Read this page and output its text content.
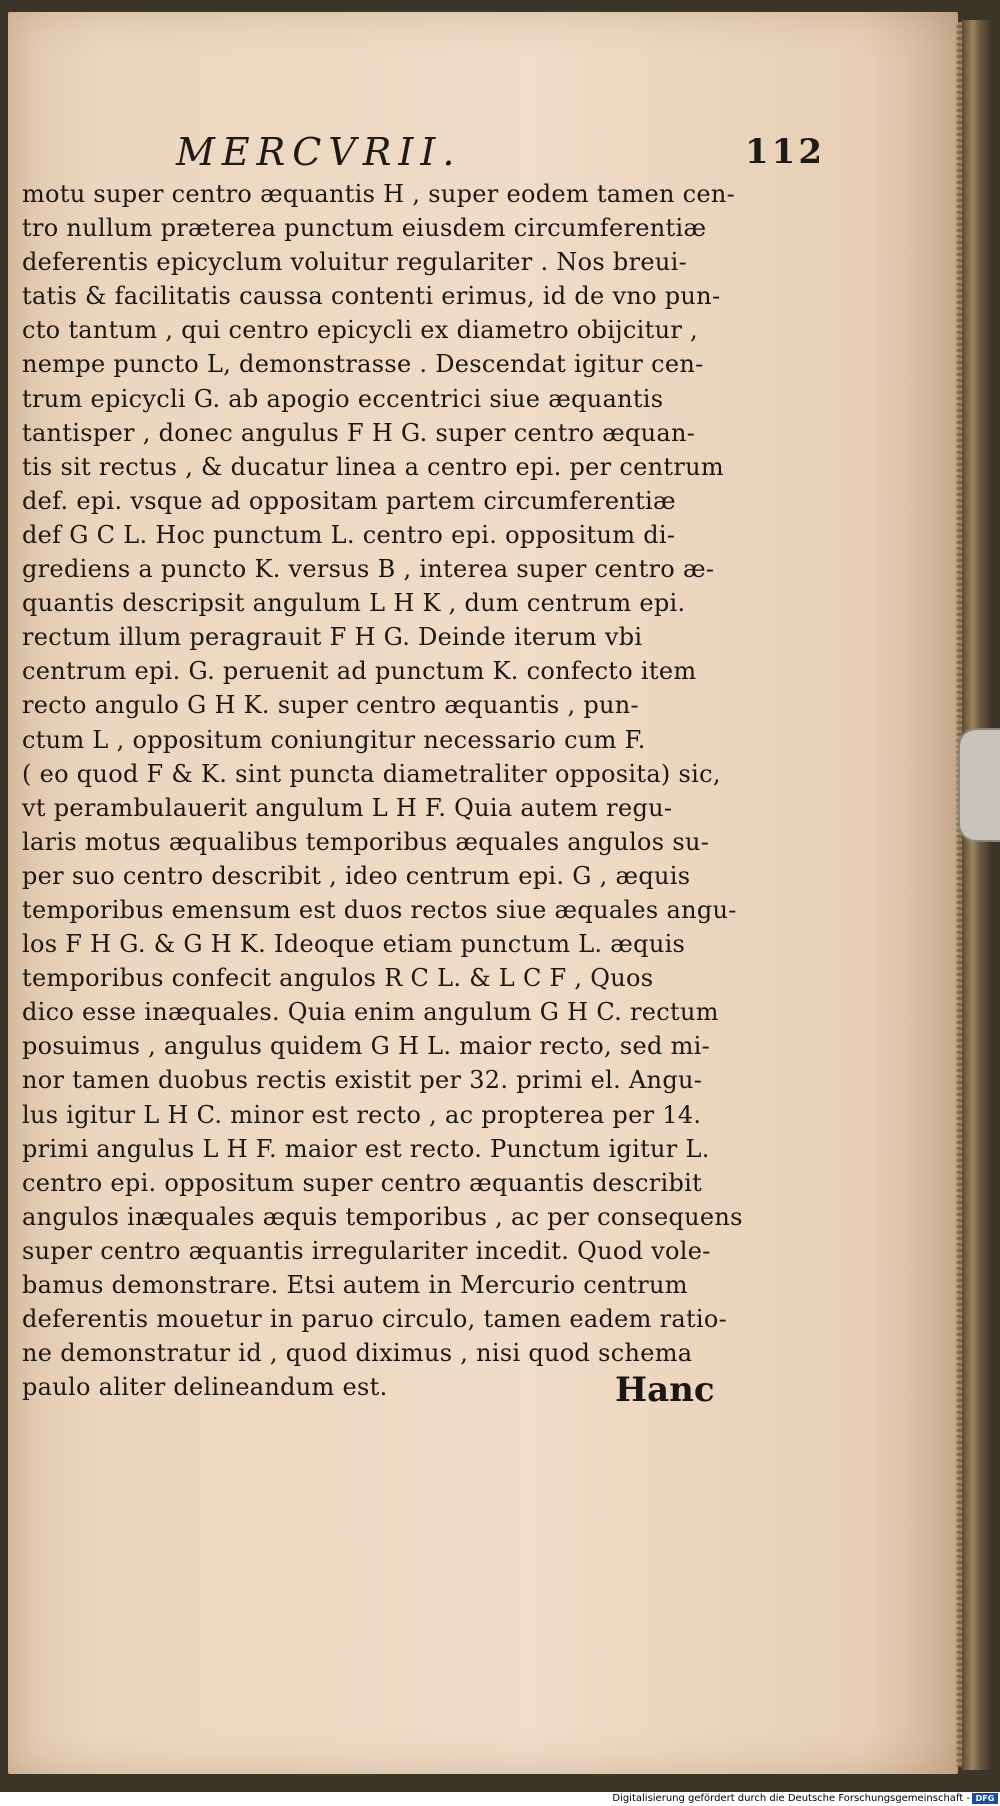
MERCVRII.	112
motu super centro æquantis H , super eodem tamen cen-
tro nullum præterea punctum eiusdem circumferentiæ
deferentis epicyclum voluitur regulariter . Nos breui-
tatis & facilitatis caussa contenti erimus, id de vno pun-
cto tantum , qui centro epicycli ex diametro obijcitur ,
nempe puncto L, demonstrasse . Descendat igitur cen-
trum epicycli G. ab apogio eccentrici siue æquantis
tantisper , donec angulus F H G. super centro æquan-
tis sit rectus , & ducatur linea a centro epi. per centrum
def. epi. vsque ad oppositam partem circumferentiæ
def G C L. Hoc punctum L. centro epi. oppositum di-
grediens a puncto K. versus B , interea super centro æ-
quantis descripsit angulum L H K , dum centrum epi.
rectum illum peragrauit F H G. Deinde iterum vbi
centrum epi. G. peruenit ad punctum K. confecto item
recto angulo G H K. super centro æquantis , pun-
ctum L , oppositum coniungitur necessario cum F.
( eo quod F & K. sint puncta diametraliter opposita) sic,
vt perambulauerit angulum L H F. Quia autem regu-
laris motus æqualibus temporibus æquales angulos su-
per suo centro describit , ideo centrum epi. G , æquis
temporibus emensum est duos rectos siue æquales angu-
los F H G. & G H K. Ideoque etiam punctum L. æquis
temporibus confecit angulos R C L. & L C F , Quos
dico esse inæquales. Quia enim angulum G H C. rectum
posuimus , angulus quidem G H L. maior recto, sed mi-
nor tamen duobus rectis existit per 32. primi el. Angu-
lus igitur L H C. minor est recto , ac propterea per 14.
primi angulus L H F. maior est recto. Punctum igitur L.
centro epi. oppositum super centro æquantis describit
angulos inæquales æquis temporibus , ac per consequens
super centro æquantis irregulariter incedit. Quod vole-
bamus demonstrare. Etsi autem in Mercurio centrum
deferentis mouetur in paruo circulo, tamen eadem ratio-
ne demonstratur id , quod diximus , nisi quod schema
paulo aliter delineandum est.	Hanc
Digitalisierung gefördert durch die Deutsche Forschungsgemeinschaft - DFG
